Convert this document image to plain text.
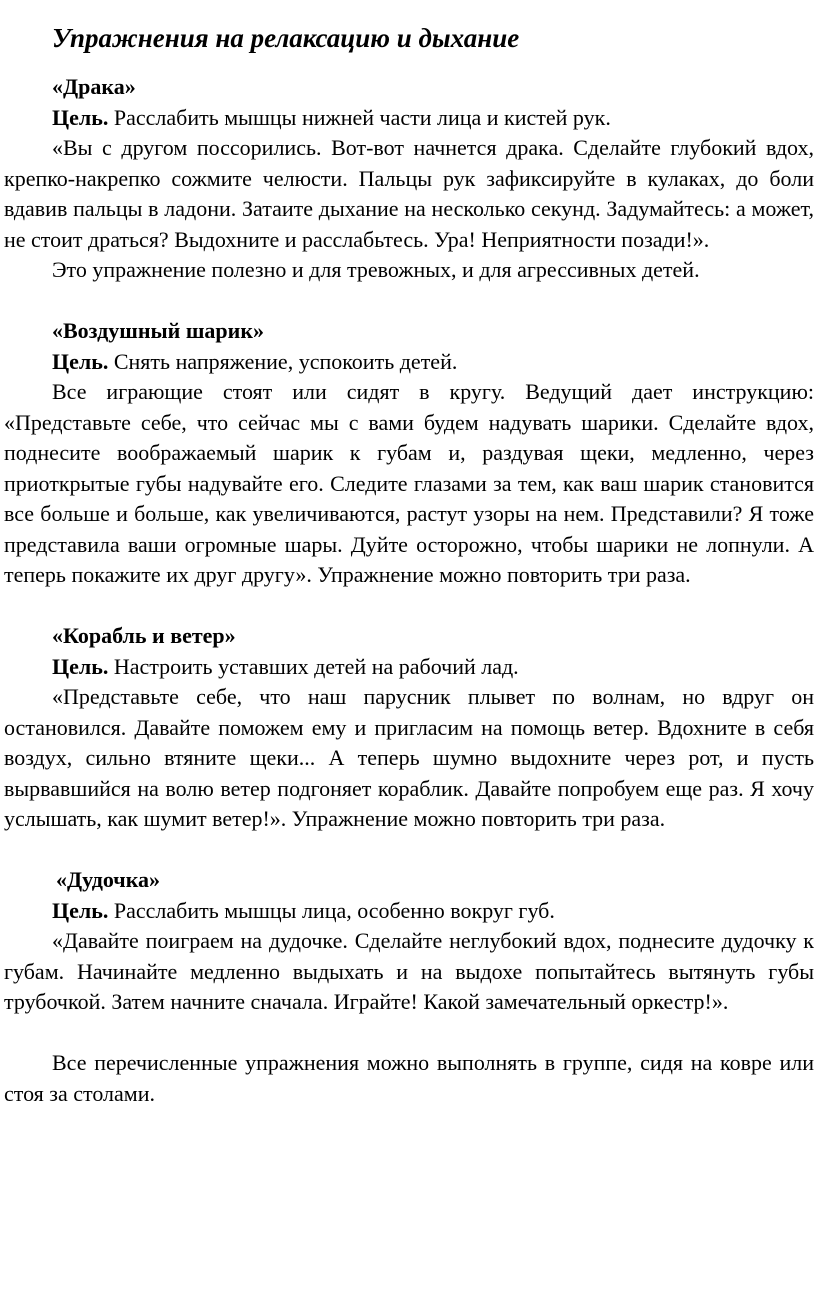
Упражнения на релаксацию и дыхание

«Драка»

Цель. Расслабить мышцы нижней части лица и кистей рук.

«Вы с другом поссорились. Вот-вот начнется драка. Сделайте глубокий вдох, крепко-накрепко сожмите челюсти. Пальцы рук зафиксируйте в кулаках, до боли вдавив пальцы в ладони. Затаите дыхание на несколько секунд. Задумайтесь: а может, не стоит драться? Выдохните и расслабьтесь. Ура! Неприятности позади!».

Это упражнение полезно и для тревожных, и для агрессивных детей.

«Воздушный шарик»

Цель. Снять напряжение, успокоить детей.

Все играющие стоят или сидят в кругу. Ведущий дает инструкцию: «Представьте себе, что сейчас мы с вами будем надувать шарики. Сделайте вдох, поднесите воображаемый шарик к губам и, раздувая щеки, медленно, через приоткрытые губы надувайте его. Следите глазами за тем, как ваш шарик становится все больше и больше, как увеличиваются, растут узоры на нем. Представили? Я тоже представила ваши огромные шары. Дуйте осторожно, чтобы шарики не лопнули. А теперь покажите их друг другу». Упражнение можно повторить три раза.

«Корабль и ветер»

Цель. Настроить уставших детей на рабочий лад.

«Представьте себе, что наш парусник плывет по волнам, но вдруг он остановился. Давайте поможем ему и пригласим на помощь ветер. Вдохните в себя воздух, сильно втяните щеки... А теперь шумно выдохните через рот, и пусть вырвавшийся на волю ветер подгоняет кораблик. Давайте попробуем еще раз. Я хочу услышать, как шумит ветер!». Упражнение можно повторить три раза.

«Дудочка»

Цель. Расслабить мышцы лица, особенно вокруг губ.

«Давайте поиграем на дудочке. Сделайте неглубокий вдох, поднесите дудочку к губам. Начинайте медленно выдыхать и на выдохе попытайтесь вытянуть губы трубочкой. Затем начните сначала. Играйте! Какой замечательный оркестр!».

Все перечисленные упражнения можно выполнять в группе, сидя на ковре или стоя за столами.
